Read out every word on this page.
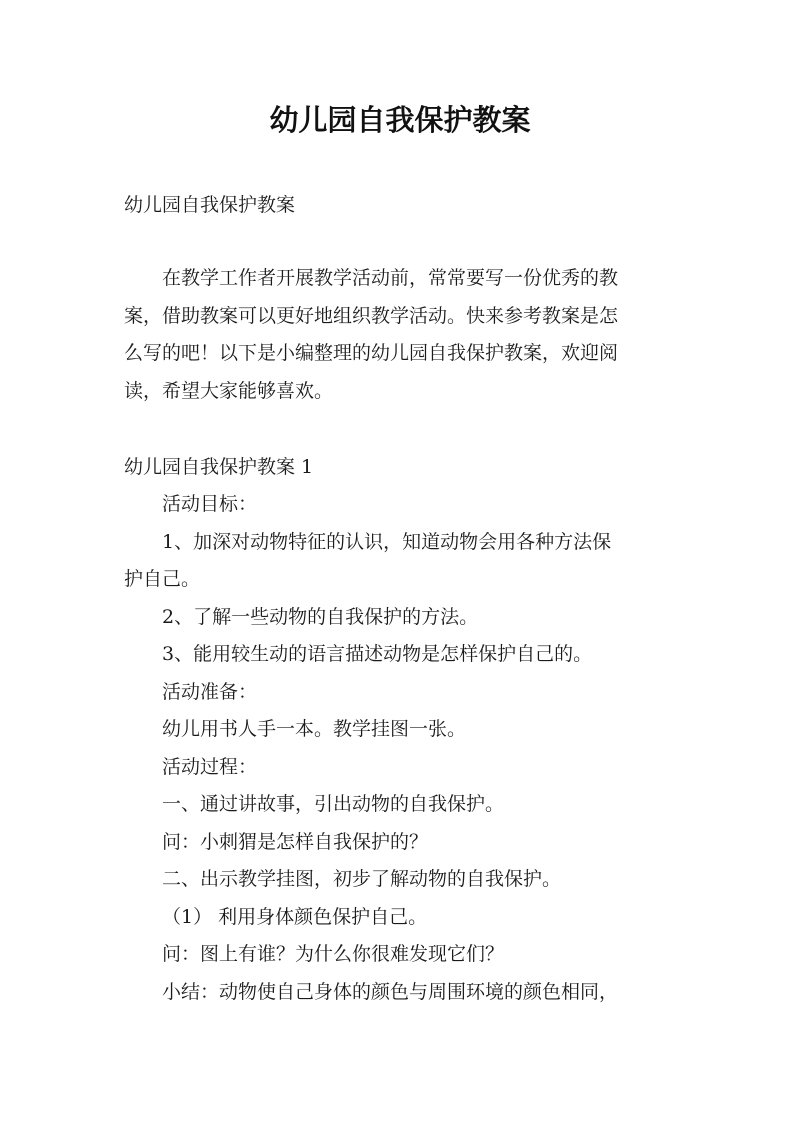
幼儿园自我保护教案
幼儿园自我保护教案
在教学工作者开展教学活动前，常常要写一份优秀的教
案，借助教案可以更好地组织教学活动。快来参考教案是怎
么写的吧！以下是小编整理的幼儿园自我保护教案，欢迎阅
读，希望大家能够喜欢。
幼儿园自我保护教案 1
活动目标：
1、加深对动物特征的认识，知道动物会用各种方法保
护自己。
2、了解一些动物的自我保护的方法。
3、能用较生动的语言描述动物是怎样保护自己的。
活动准备：
幼儿用书人手一本。教学挂图一张。
活动过程：
一、通过讲故事，引出动物的自我保护。
问：小刺猬是怎样自我保护的？
二、出示教学挂图，初步了解动物的自我保护。
（1） 利用身体颜色保护自己。
问：图上有谁？为什么你很难发现它们？
小结：动物使自己身体的颜色与周围环境的颜色相同，
